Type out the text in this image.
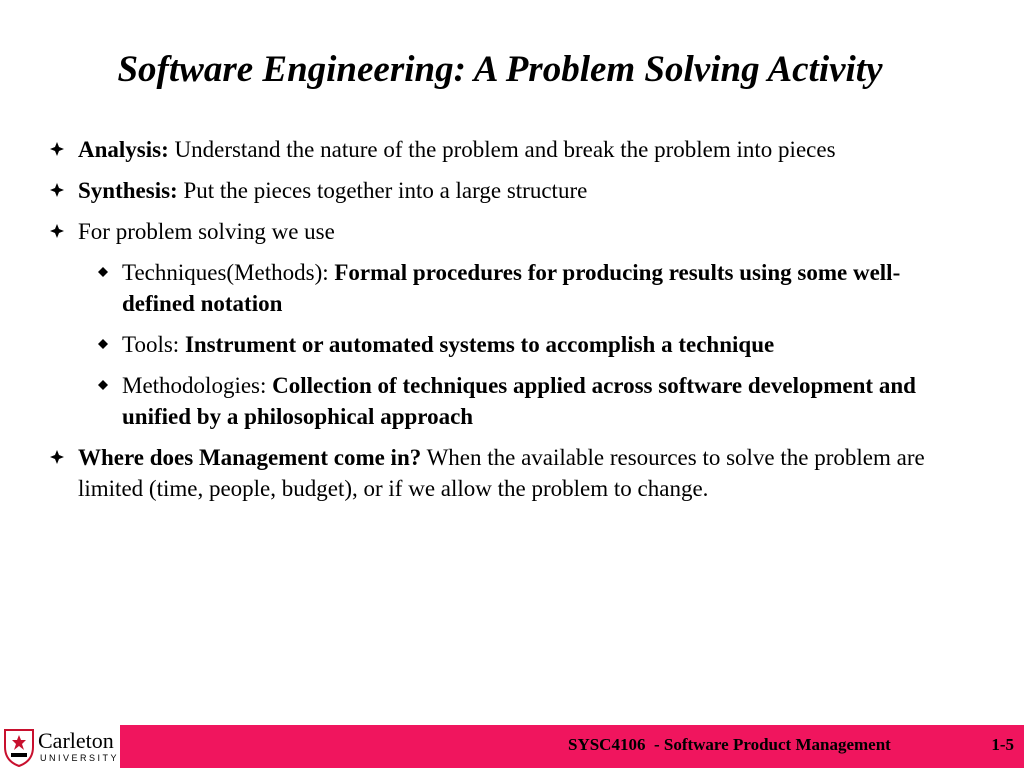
Software Engineering: A Problem Solving Activity
Analysis: Understand the nature of the problem and break the problem into pieces
Synthesis: Put the pieces together into a large structure
For problem solving we use
Techniques(Methods): Formal procedures for producing results using some well-defined notation
Tools: Instrument or automated systems to accomplish a technique
Methodologies: Collection of techniques applied across software development and unified by a philosophical approach
Where does Management come in? When the available resources to solve the problem are limited (time, people, budget), or if we allow the problem to change.
Carleton
UNIVERSITY
SYSC4106  - Software Product Management	1-5
